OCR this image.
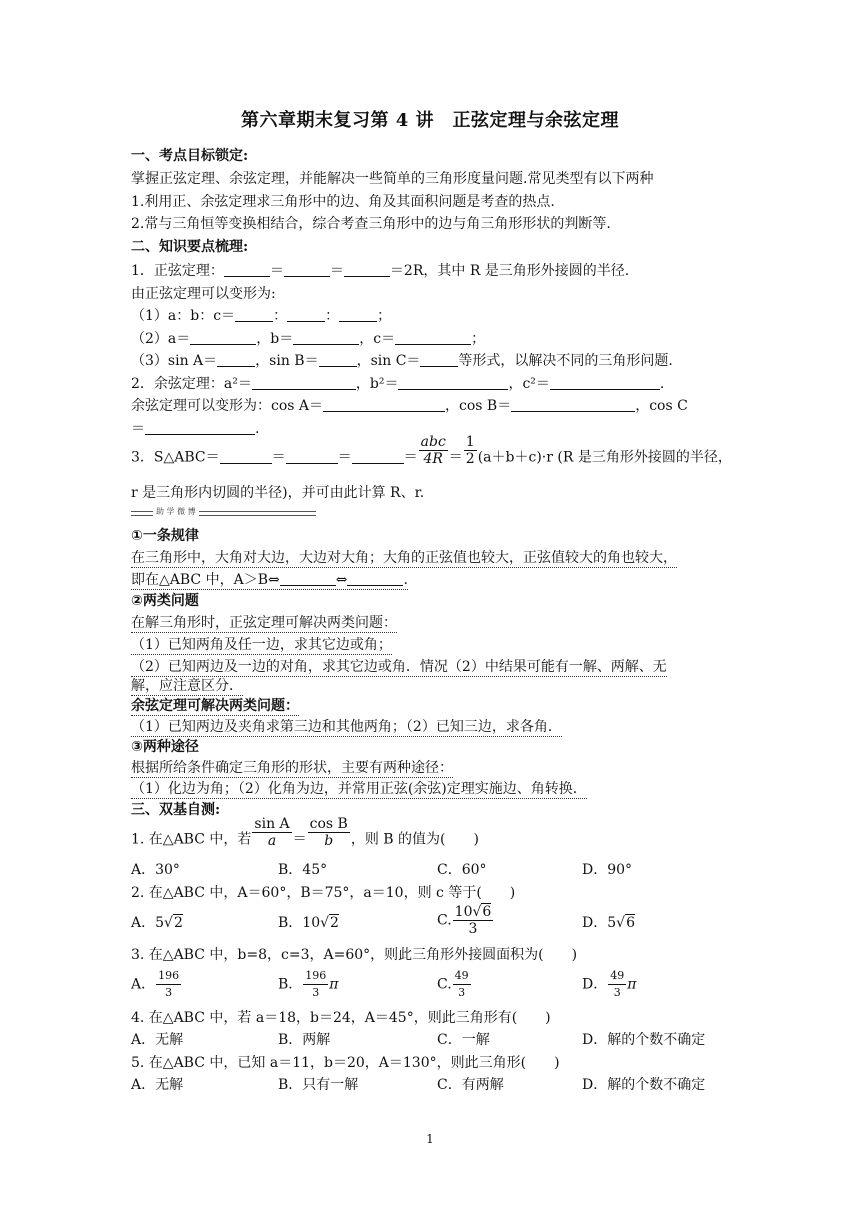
第六章期末复习第 4 讲　正弦定理与余弦定理
一、考点目标锁定:
掌握正弦定理、余弦定理，并能解决一些简单的三角形度量问题.常见类型有以下两种
1.利用正、余弦定理求三角形中的边、角及其面积问题是考查的热点.
2.常与三角恒等变换相结合，综合考查三角形中的边与角三角形形状的判断等.
二、知识要点梳理:
1．正弦定理：	＝	＝	＝2R，其中 R 是三角形外接圆的半径.
由正弦定理可以变形为:
（1）a：b：c＝	：	：	；
（2）a＝	，b＝	，c＝	；
（3）sin A＝	，sin B＝	，sin C＝	等形式，以解决不同的三角形问题.
2．余弦定理：a²＝	，b²＝	，c²＝	.
余弦定理可以变形为：cos A＝	，cos B＝	，cos C
＝	.
3．S△ABC＝	＝	＝	＝ $\frac{\text{abc}}{4R} = \frac{1}{2} (a+b+c)\cdot r$ (R 是三角形外接圆的半径，
r 是三角形内切圆的半径)，并可由此计算 R、r.
助 学 微 博
①一条规律
在三角形中，大角对大边，大边对大角；大角的正弦值也较大，正弦值较大的角也较大，
即在△ABC 中，A＞B⇔	⇔	.
②两类问题
在解三角形时，正弦定理可解决两类问题：
（1）已知两角及任一边，求其它边或角；
（2）已知两边及一边的对角，求其它边或角．情况（2）中结果可能有一解、两解、无
解，应注意区分．
余弦定理可解决两类问题：
（1）已知两边及夹角求第三边和其他两角；（2）已知三边，求各角．
③两种途径
根据所给条件确定三角形的形状，主要有两种途径：
（1）化边为角；（2）化角为边，并常用正弦(余弦)定理实施边、角转换．
三、双基自测:
1. 在△ABC 中，若 $\frac{\text{sin A}}{a} = \frac{\text{cos B}}{b}$ ，则 B 的值为(　　)
A．30°	B．45°	C．60°	D．90°
2. 在△ABC 中，A＝60°，B＝75°，a＝10，则 c 等于(　　)
A．5√2	B．10√2	C. $\frac{10√6}{3}$	D．5√6
3. 在△ABC 中，b=8，c=3，A=60°，则此三角形外接圆面积为(　　)
A． $\frac{196}{3}$	B． $\frac{196}{3}$ π	C. $\frac{49}{3}$	D． $\frac{49}{3}$ π
4. 在△ABC 中，若 a＝18，b＝24，A＝45°，则此三角形有(　　)
A．无解	B．两解	C．一解	D．解的个数不确定
5. 在△ABC 中，已知 a＝11，b＝20，A＝130°，则此三角形(　　)
A．无解	B．只有一解	C．有两解	D．解的个数不确定
1
